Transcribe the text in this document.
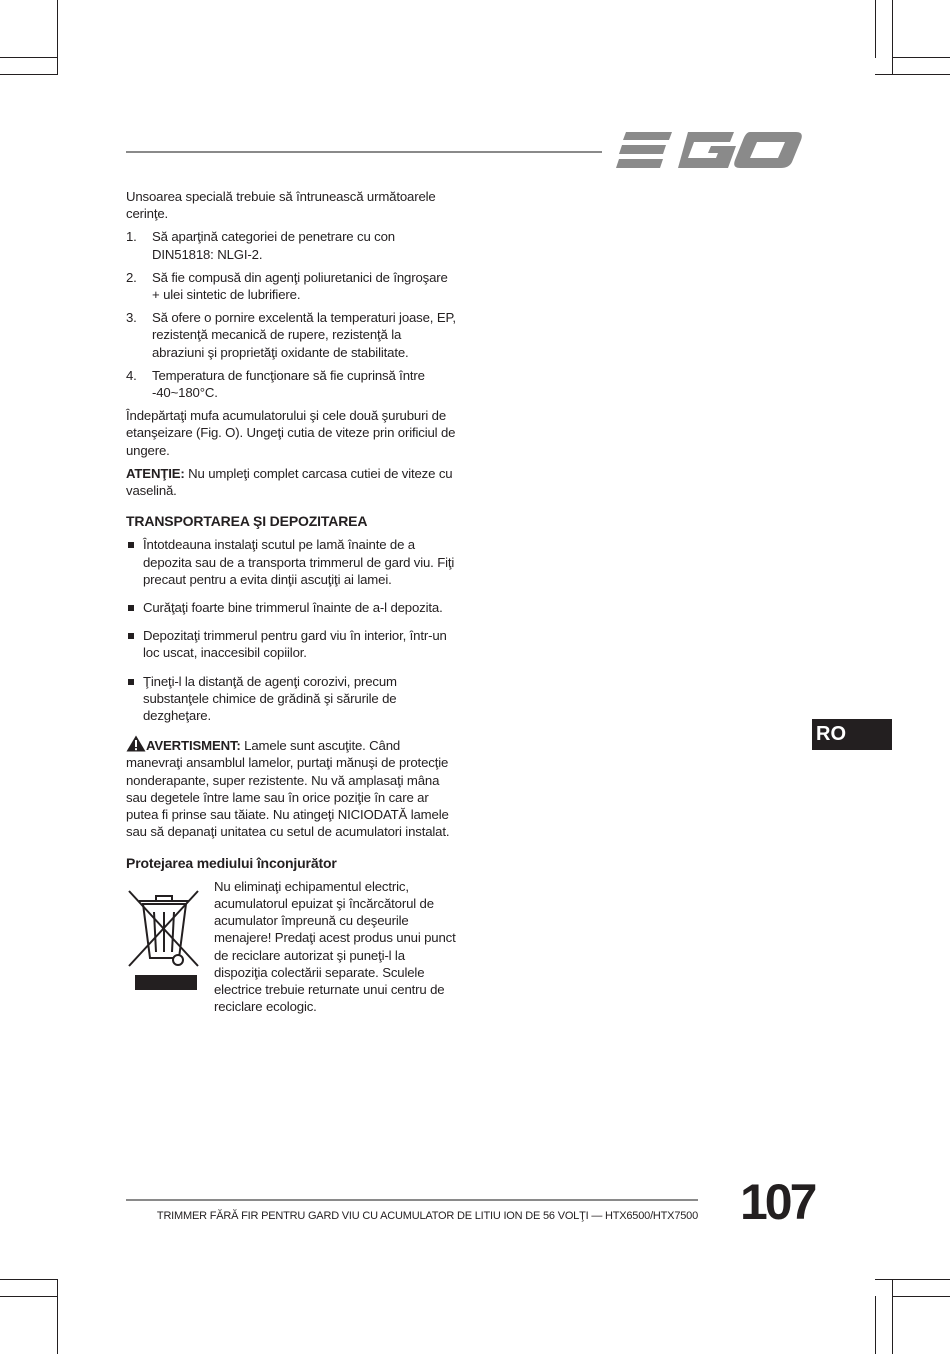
Unsoarea specială trebuie să întrunească următoarele cerinţe.

1. Să aparţină categoriei de penetrare cu con DIN51818: NLGI-2.
2. Să fie compusă din agenţi poliuretanici de îngroşare + ulei sintetic de lubrifiere.
3. Să ofere o pornire excelentă la temperaturi joase, EP, rezistenţă mecanică de rupere, rezistenţă la abraziuni şi proprietăţi oxidante de stabilitate.
4. Temperatura de funcţionare să fie cuprinsă între -40~180°C.

Îndepărtaţi mufa acumulatorului şi cele două şuruburi de etanşeizare (Fig. O). Ungeţi cutia de viteze prin orificiul de ungere.

ATENŢIE: Nu umpleţi complet carcasa cutiei de viteze cu vaselină.

TRANSPORTAREA ŞI DEPOZITAREA
Întotdeauna instalaţi scutul pe lamă înainte de a depozita sau de a transporta trimmerul de gard viu. Fiţi precaut pentru a evita dinţii ascuţiţi ai lamei.
Curăţaţi foarte bine trimmerul înainte de a-l depozita.
Depozitaţi trimmerul pentru gard viu în interior, într-un loc uscat, inaccesibil copiilor.
Ţineţi-l la distanţă de agenţi corozivi, precum substanţele chimice de grădină şi sărurile de dezgheţare.

AVERTISMENT: Lamele sunt ascuţite. Când manevraţi ansamblul lamelor, purtaţi mănuşi de protecţie nonderapante, super rezistente. Nu vă amplasaţi mâna sau degetele între lame sau în orice poziţie în care ar putea fi prinse sau tăiate. Nu atingeţi NICIODATĂ lamele sau să depanaţi unitatea cu setul de acumulatori instalat.

Protejarea mediului înconjurător
Nu eliminaţi echipamentul electric, acumulatorul epuizat şi încărcătorul de acumulator împreună cu deşeurile menajere! Predaţi acest produs unui punct de reciclare autorizat şi puneţi-l la dispoziţia colectării separate. Sculele electrice trebuie returnate unui centru de reciclare ecologic.
RO
TRIMMER FĂRĂ FIR PENTRU GARD VIU CU ACUMULATOR DE LITIU ION DE 56 VOLŢI — HTX6500/HTX7500 107
